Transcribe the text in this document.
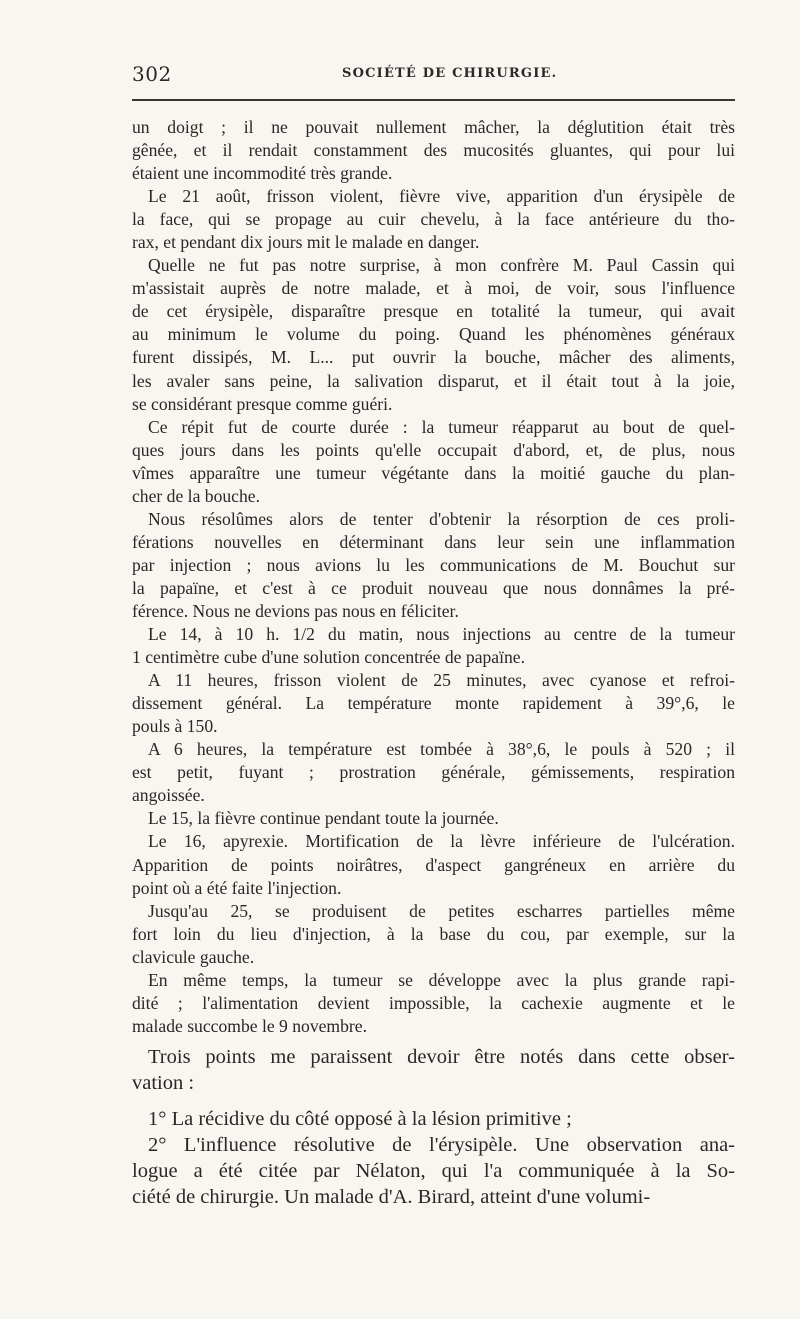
302	SOCIÉTÉ DE CHIRURGIE.

un doigt ; il ne pouvait nullement mâcher, la déglutition était très
gênée, et il rendait constamment des mucosités gluantes, qui pour lui
étaient une incommodité très grande.

Le 21 août, frisson violent, fièvre vive, apparition d'un érysipèle de
la face, qui se propage au cuir chevelu, à la face antérieure du tho-
rax, et pendant dix jours mit le malade en danger.

Quelle ne fut pas notre surprise, à mon confrère M. Paul Cassin qui
m'assistait auprès de notre malade, et à moi, de voir, sous l'influence
de cet érysipèle, disparaître presque en totalité la tumeur, qui avait
au minimum le volume du poing. Quand les phénomènes généraux
furent dissipés, M. L... put ouvrir la bouche, mâcher des aliments,
les avaler sans peine, la salivation disparut, et il était tout à la joie,
se considérant presque comme guéri.

Ce répit fut de courte durée : la tumeur réapparut au bout de quel-
ques jours dans les points qu'elle occupait d'abord, et, de plus, nous
vîmes apparaître une tumeur végétante dans la moitié gauche du plan-
cher de la bouche.

Nous résolûmes alors de tenter d'obtenir la résorption de ces proli-
férations nouvelles en déterminant dans leur sein une inflammation
par injection ; nous avions lu les communications de M. Bouchut sur
la papaïne, et c'est à ce produit nouveau que nous donnâmes la pré-
férence. Nous ne devions pas nous en féliciter.

Le 14, à 10 h. 1/2 du matin, nous injections au centre de la tumeur
1 centimètre cube d'une solution concentrée de papaïne.

A 11 heures, frisson violent de 25 minutes, avec cyanose et refroi-
dissement général. La température monte rapidement à 39°,6, le
pouls à 150.

A 6 heures, la température est tombée à 38°,6, le pouls à 520 ; il
est petit, fuyant ; prostration générale, gémissements, respiration
angoissée.

Le 15, la fièvre continue pendant toute la journée.

Le 16, apyrexie. Mortification de la lèvre inférieure de l'ulcération.
Apparition de points noirâtres, d'aspect gangréneux en arrière du
point où a été faite l'injection.

Jusqu'au 25, se produisent de petites escharres partielles même
fort loin du lieu d'injection, à la base du cou, par exemple, sur la
clavicule gauche.

En même temps, la tumeur se développe avec la plus grande rapi-
dité ; l'alimentation devient impossible, la cachexie augmente et le
malade succombe le 9 novembre.

Trois points me paraissent devoir être notés dans cette obser-
vation :

1° La récidive du côté opposé à la lésion primitive ;

2° L'influence résolutive de l'érysipèle. Une observation ana-
logue a été citée par Nélaton, qui l'a communiquée à la So-
ciété de chirurgie. Un malade d'A. Birard, atteint d'une volumi-
